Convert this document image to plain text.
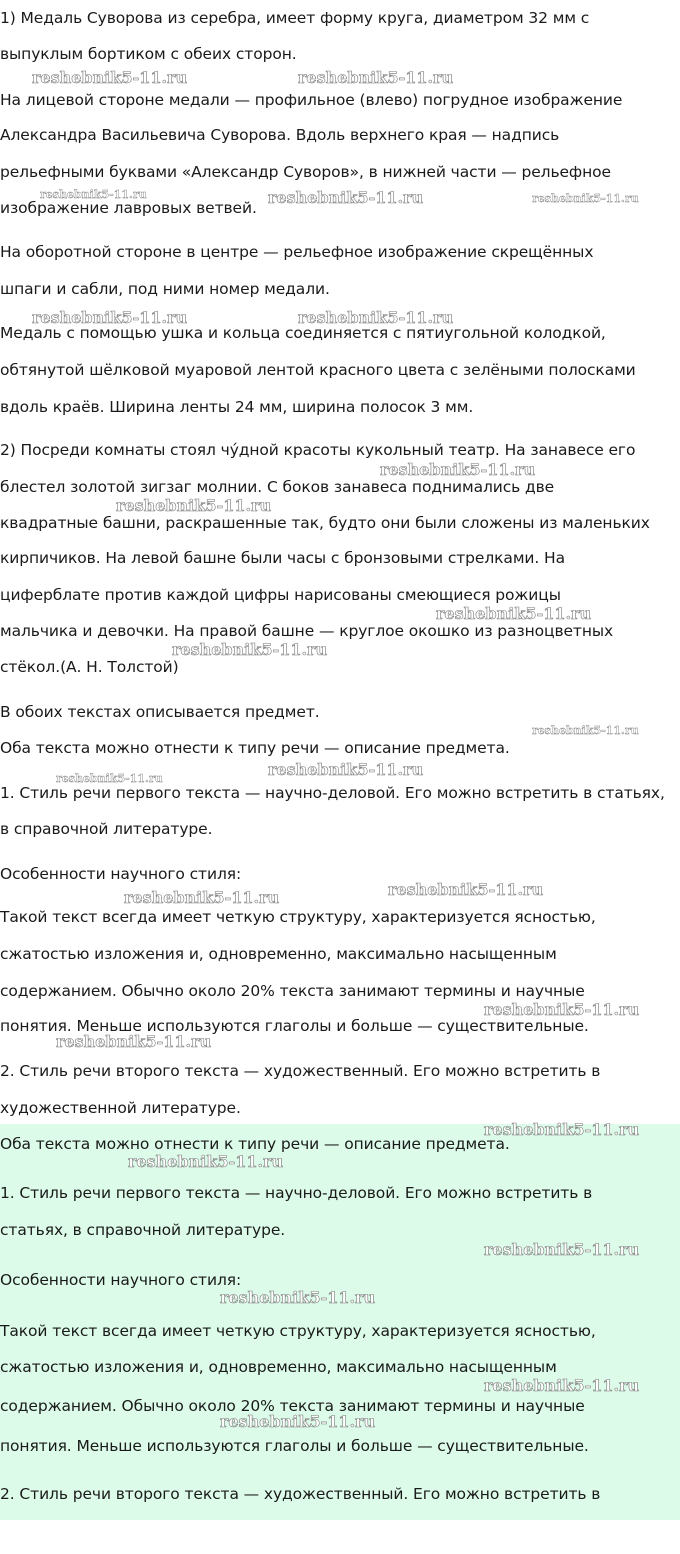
1) Медаль Суворова из серебра, имеет форму круга, диаметром 32 мм с
выпуклым бортиком с обеих сторон.
На лицевой стороне медали — профильное (влево) погрудное изображение
Александра Васильевича Суворова. Вдоль верхнего края — надпись
рельефными буквами «Александр Суворов», в нижней части — рельефное
изображение лавровых ветвей.
На оборотной стороне в центре — рельефное изображение скрещённых
шпаги и сабли, под ними номер медали.
Медаль с помощью ушка и кольца соединяется с пятиугольной колодкой,
обтянутой шёлковой муаровой лентой красного цвета с зелёными полосками
вдоль краёв. Ширина ленты 24 мм, ширина полосок 3 мм.
2) Посреди комнаты стоял чу́дной красоты кукольный театр. На занавесе его
блестел золотой зигзаг молнии. С боков занавеса поднимались две
квадратные башни, раскрашенные так, будто они были сложены из маленьких
кирпичиков. На левой башне были часы с бронзовыми стрелками. На
циферблате против каждой цифры нарисованы смеющиеся рожицы
мальчика и девочки. На правой башне — круглое окошко из разноцветных
стёкол.(А. Н. Толстой)
В обоих текстах описывается предмет.
Оба текста можно отнести к типу речи — описание предмета.
1. Стиль речи первого текста — научно-деловой. Его можно встретить в статьях,
в справочной литературе.
Особенности научного стиля:
Такой текст всегда имеет четкую структуру, характеризуется ясностью,
сжатостью изложения и, одновременно, максимально насыщенным
содержанием. Обычно около 20% текста занимают термины и научные
понятия. Меньше используются глаголы и больше — существительные.
2. Стиль речи второго текста — художественный. Его можно встретить в
художественной литературе.
Оба текста можно отнести к типу речи — описание предмета.
1. Стиль речи первого текста — научно-деловой. Его можно встретить в
статьях, в справочной литературе.
Особенности научного стиля:
Такой текст всегда имеет четкую структуру, характеризуется ясностью,
сжатостью изложения и, одновременно, максимально насыщенным
содержанием. Обычно около 20% текста занимают термины и научные
понятия. Меньше используются глаголы и больше — существительные.
2. Стиль речи второго текста — художественный. Его можно встретить в
reshebnik5-11.ru	reshebnik5-11.ru
reshebnik5-11.ru	reshebnik5-11.ru	reshebnik5-11.ru
reshebnik5-11.ru	reshebnik5-11.ru
reshebnik5-11.ru
reshebnik5-11.ru
reshebnik5-11.ru
reshebnik5-11.ru
reshebnik5-11.ru
reshebnik5-11.ru	reshebnik5-11.ru
reshebnik5-11.ru	reshebnik5-11.ru
reshebnik5-11.ru
reshebnik5-11.ru
reshebnik5-11.ru
reshebnik5-11.ru
reshebnik5-11.ru
reshebnik5-11.ru
reshebnik5-11.ru
reshebnik5-11.ru
